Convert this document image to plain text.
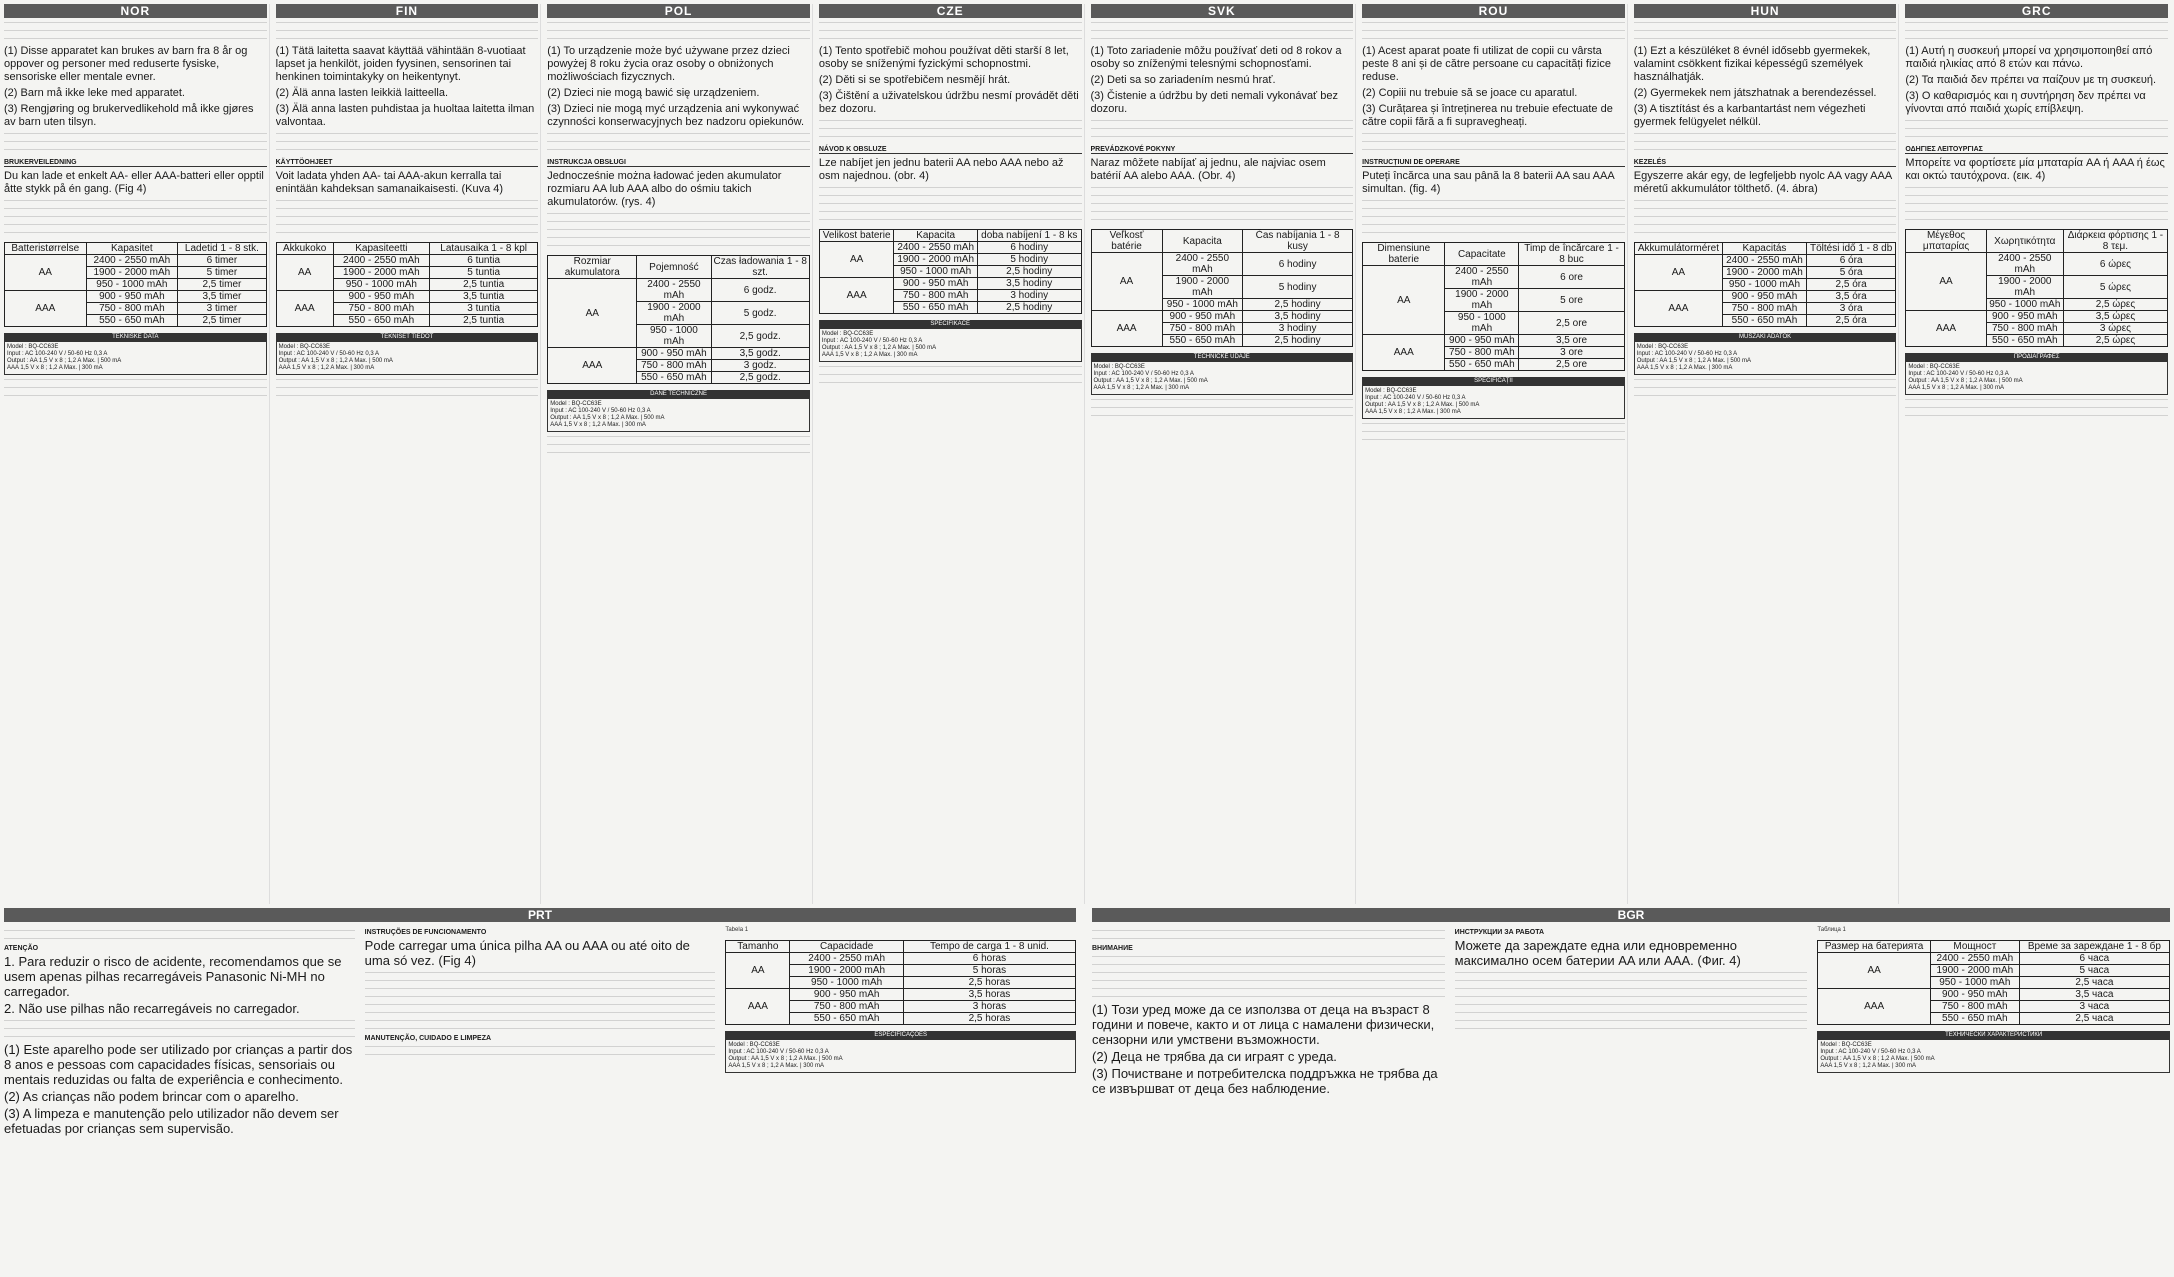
NOR
(1) Disse apparatet kan brukes av barn fra 8 år og oppover og personer med reduserte fysiske, sensoriske eller mentale evner.
(2) Barn må ikke leke med apparatet.
(3) Rengjøring og brukervedlikehold må ikke gjøres av barn uten tilsyn.
BRUKERVEILEDNING
Du kan lade et enkelt AA- eller AAA-batteri eller opptil åtte stykk på én gang. (Fig 4)
Batteristørrelse	Kapasitet	Ladetid 1 - 8 stk.
AA	2400 - 2550 mAh	6 timer
	1900 - 2000 mAh	5 timer
	950 - 1000 mAh	2,5 timer
AAA	900 - 950 mAh	3,5 timer
	750 - 800 mAh	3 timer
	550 - 650 mAh	2,5 timer
TEKNISKE DATA
Model : BQ-CC63E
Input : AC 100-240 V / 50-60 Hz 0,3 A
Output : AA 1,5 V x 8 ; 1,2 A Max. | 500 mA
AAA 1,5 V x 8 ; 1,2 A Max. | 300 mA
FIN
(1) Tätä laitetta saavat käyttää vähintään 8-vuotiaat lapset ja henkilöt, joiden fyysinen, sensorinen tai henkinen toimintakyky on heikentynyt.
(2) Älä anna lasten leikkiä laitteella.
(3) Älä anna lasten puhdistaa ja huoltaa laitetta ilman valvontaa.
KÄYTTÖOHJEET
Voit ladata yhden AA- tai AAA-akun kerralla tai enintään kahdeksan samanaikaisesti. (Kuva 4)
Akkukoko	Kapasiteetti	Latausaika 1 - 8 kpl
AA	2400 - 2550 mAh	6 tuntia
	1900 - 2000 mAh	5 tuntia
	950 - 1000 mAh	2,5 tuntia
AAA	900 - 950 mAh	3,5 tuntia
	750 - 800 mAh	3 tuntia
	550 - 650 mAh	2,5 tuntia
TEKNISET TIEDOT
Model : BQ-CC63E
Input : AC 100-240 V / 50-60 Hz 0,3 A
Output : AA 1,5 V x 8 ; 1,2 A Max. | 500 mA
AAA 1,5 V x 8 ; 1,2 A Max. | 300 mA
POL
(1) To urządzenie może być używane przez dzieci powyżej 8 roku życia oraz osoby o obniżonych możliwościach fizycznych.
(2) Dzieci nie mogą bawić się urządzeniem.
(3) Dzieci nie mogą myć urządzenia ani wykonywać czynności konserwacyjnych bez nadzoru opiekunów.
INSTRUKCJA OBSŁUGI
Jednocześnie można ładować jeden akumulator rozmiaru AA lub AAA albo do ośmiu takich akumulatorów. (rys. 4)
Rozmiar akumulatora	Pojemność	Czas ładowania 1 - 8 szt.
AA	2400 - 2550 mAh	6 godz.
	1900 - 2000 mAh	5 godz.
	950 - 1000 mAh	2,5 godz.
AAA	900 - 950 mAh	3,5 godz.
	750 - 800 mAh	3 godz.
	550 - 650 mAh	2,5 godz.
DANE TECHNICZNE
Model : BQ-CC63E
Input : AC 100-240 V / 50-60 Hz 0,3 A
Output : AA 1,5 V x 8 ; 1,2 A Max. | 500 mA
AAA 1,5 V x 8 ; 1,2 A Max. | 300 mA
CZE
(1) Tento spotřebič mohou používat děti starší 8 let, osoby se sníženými fyzickými schopnostmi.
(2) Děti si se spotřebičem nesmějí hrát.
(3) Čištění a uživatelskou údržbu nesmí provádět děti bez dozoru.
NÁVOD K OBSLUZE
Lze nabíjet jen jednu baterii AA nebo AAA nebo až osm najednou. (obr. 4)
Velikost baterie	Kapacita	doba nabíjení 1 - 8 ks
AA	2400 - 2550 mAh	6 hodiny
	1900 - 2000 mAh	5 hodiny
	950 - 1000 mAh	2,5 hodiny
AAA	900 - 950 mAh	3,5 hodiny
	750 - 800 mAh	3 hodiny
	550 - 650 mAh	2,5 hodiny
SPECIFIKACE
Model : BQ-CC63E
Input : AC 100-240 V / 50-60 Hz 0,3 A
Output : AA 1,5 V x 8 ; 1,2 A Max. | 500 mA
AAA 1,5 V x 8 ; 1,2 A Max. | 300 mA
SVK
(1) Toto zariadenie môžu používať deti od 8 rokov a osoby so zníženými telesnými schopnosťami.
(2) Deti sa so zariadením nesmú hrať.
(3) Čistenie a údržbu by deti nemali vykonávať bez dozoru.
PREVÁDZKOVÉ POKYNY
Naraz môžete nabíjať aj jednu, ale najviac osem batérií AA alebo AAA. (Obr. 4)
Veľkosť batérie	Kapacita	Čas nabíjania 1 - 8 kusy
AA	2400 - 2550 mAh	6 hodiny
	1900 - 2000 mAh	5 hodiny
	950 - 1000 mAh	2,5 hodiny
AAA	900 - 950 mAh	3,5 hodiny
	750 - 800 mAh	3 hodiny
	550 - 650 mAh	2,5 hodiny
TECHNICKÉ ÚDAJE
Model : BQ-CC63E
Input : AC 100-240 V / 50-60 Hz 0,3 A
Output : AA 1,5 V x 8 ; 1,2 A Max. | 500 mA
AAA 1,5 V x 8 ; 1,2 A Max. | 300 mA
ROU
(1) Acest aparat poate fi utilizat de copii cu vârsta peste 8 ani și de către persoane cu capacități fizice reduse.
(2) Copiii nu trebuie să se joace cu aparatul.
(3) Curățarea și întreținerea nu trebuie efectuate de către copii fără a fi supravegheați.
INSTRUCȚIUNI DE OPERARE
Puteți încărca una sau până la 8 baterii AA sau AAA simultan. (fig. 4)
Dimensiune baterie	Capacitate	Timp de încărcare 1 - 8 buc
AA	2400 - 2550 mAh	6 ore
	1900 - 2000 mAh	5 ore
	950 - 1000 mAh	2,5 ore
AAA	900 - 950 mAh	3,5 ore
	750 - 800 mAh	3 ore
	550 - 650 mAh	2,5 ore
SPECIFICAȚII
Model : BQ-CC63E
Input : AC 100-240 V / 50-60 Hz 0,3 A
Output : AA 1,5 V x 8 ; 1,2 A Max. | 500 mA
AAA 1,5 V x 8 ; 1,2 A Max. | 300 mA
HUN
(1) Ezt a készüléket 8 évnél idősebb gyermekek, valamint csökkent fizikai képességű személyek használhatják.
(2) Gyermekek nem játszhatnak a berendezéssel.
(3) A tisztítást és a karbantartást nem végezheti gyermek felügyelet nélkül.
KEZELÉS
Egyszerre akár egy, de legfeljebb nyolc AA vagy AAA méretű akkumulátor tölthető. (4. ábra)
Akkumulátorméret	Kapacitás	Töltési idő 1 - 8 db
AA	2400 - 2550 mAh	6 óra
	1900 - 2000 mAh	5 óra
	950 - 1000 mAh	2,5 óra
AAA	900 - 950 mAh	3,5 óra
	750 - 800 mAh	3 óra
	550 - 650 mAh	2,5 óra
MŰSZAKI ADATOK
Model : BQ-CC63E
Input : AC 100-240 V / 50-60 Hz 0,3 A
Output : AA 1,5 V x 8 ; 1,2 A Max. | 500 mA
AAA 1,5 V x 8 ; 1,2 A Max. | 300 mA
GRC
(1) Αυτή η συσκευή μπορεί να χρησιμοποιηθεί από παιδιά ηλικίας από 8 ετών και πάνω.
(2) Τα παιδιά δεν πρέπει να παίζουν με τη συσκευή.
(3) Ο καθαρισμός και η συντήρηση δεν πρέπει να γίνονται από παιδιά χωρίς επίβλεψη.
ΟΔΗΓΙΕΣ ΛΕΙΤΟΥΡΓΙΑΣ
Μπορείτε να φορτίσετε μία μπαταρία AA ή AAA ή έως και οκτώ ταυτόχρονα. (εικ. 4)
Μέγεθος μπαταρίας	Χωρητικότητα	Διάρκεια φόρτισης 1 - 8 τεμ.
AA	2400 - 2550 mAh	6 ώρες
	1900 - 2000 mAh	5 ώρες
	950 - 1000 mAh	2,5 ώρες
AAA	900 - 950 mAh	3,5 ώρες
	750 - 800 mAh	3 ώρες
	550 - 650 mAh	2,5 ώρες
ΠΡΟΔΙΑΓΡΑΦΕΣ
Model : BQ-CC63E
Input : AC 100-240 V / 50-60 Hz 0,3 A
Output : AA 1,5 V x 8 ; 1,2 A Max. | 500 mA
AAA 1,5 V x 8 ; 1,2 A Max. | 300 mA
PRT
ATENÇÃO
1. Para reduzir o risco de acidente, recomendamos que se usem apenas pilhas recarregáveis Panasonic Ni-MH no carregador.
2. Não use pilhas não recarregáveis no carregador.
(1) Este aparelho pode ser utilizado por crianças a partir dos 8 anos e pessoas com capacidades físicas, sensoriais ou mentais reduzidas ou falta de experiência e conhecimento.
(2) As crianças não podem brincar com o aparelho.
(3) A limpeza e manutenção pelo utilizador não devem ser efetuadas por crianças sem supervisão.
INSTRUÇÕES DE FUNCIONAMENTO
Pode carregar uma única pilha AA ou AAA ou até oito de uma só vez. (Fig 4)
MANUTENÇÃO, CUIDADO E LIMPEZA
Tabela 1
Tamanho	Capacidade	Tempo de carga 1 - 8 unid.
AA	2400 - 2550 mAh	6 horas
	1900 - 2000 mAh	5 horas
	950 - 1000 mAh	2,5 horas
AAA	900 - 950 mAh	3,5 horas
	750 - 800 mAh	3 horas
	550 - 650 mAh	2,5 horas
ESPECIFICAÇÕES
Model : BQ-CC63E
Input : AC 100-240 V / 50-60 Hz 0,3 A
Output : AA 1,5 V x 8 ; 1,2 A Max. | 500 mA
AAA 1,5 V x 8 ; 1,2 A Max. | 300 mA
BGR
ВНИМАНИЕ
(1) Този уред може да се използва от деца на възраст 8 години и повече, както и от лица с намалени физически, сензорни или умствени възможности.
(2) Деца не трябва да си играят с уреда.
(3) Почистване и потребителска поддръжка не трябва да се извършват от деца без наблюдение.
ИНСТРУКЦИИ ЗА РАБОТА
Можете да зареждате една или едновременно максимално осем батерии AA или AAA. (Фиг. 4)
Таблица 1
Размер на батерията	Мощност	Време за зареждане 1 - 8 бр
AA	2400 - 2550 mAh	6 часа
	1900 - 2000 mAh	5 часа
	950 - 1000 mAh	2,5 часа
AAA	900 - 950 mAh	3,5 часа
	750 - 800 mAh	3 часа
	550 - 650 mAh	2,5 часа
ТЕХНИЧЕСКИ ХАРАКТЕРИСТИКИ
Model : BQ-CC63E
Input : AC 100-240 V / 50-60 Hz 0,3 A
Output : AA 1,5 V x 8 ; 1,2 A Max. | 500 mA
AAA 1,5 V x 8 ; 1,2 A Max. | 300 mA
